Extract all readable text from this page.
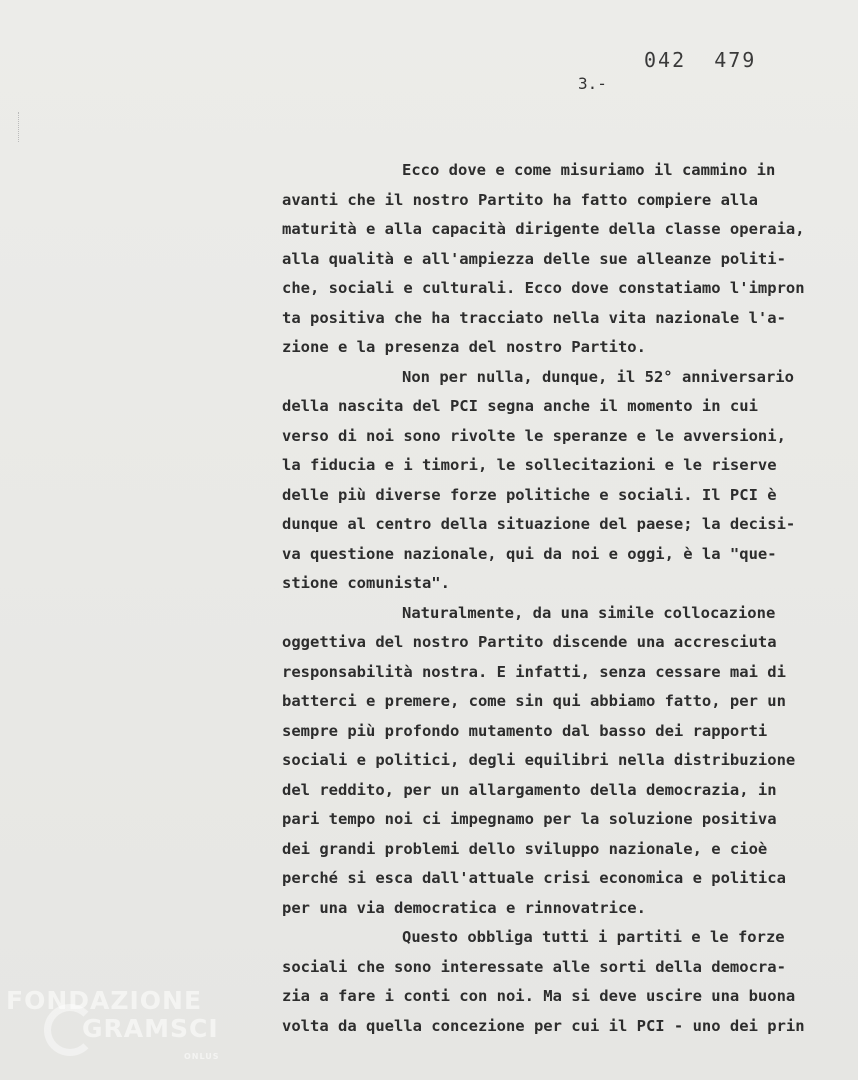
042  479
3.-
Ecco dove e come misuriamo il cammino in
avanti che il nostro Partito ha fatto compiere alla
maturità e alla capacità dirigente della classe operaia,
alla qualità e all'ampiezza delle sue alleanze politi-
che, sociali e culturali. Ecco dove constatiamo l'impron
ta positiva che ha tracciato nella vita nazionale l'a-
zione e la presenza del nostro Partito.
Non per nulla, dunque, il 52° anniversario
della nascita del PCI segna anche il momento in cui
verso di noi sono rivolte le speranze e le avversioni,
la fiducia e i timori, le sollecitazioni e le riserve
delle più diverse forze politiche e sociali. Il PCI è
dunque al centro della situazione del paese; la decisi-
va questione nazionale, qui da noi e oggi, è la "que-
stione comunista".
Naturalmente, da una simile collocazione
oggettiva del nostro Partito discende una accresciuta
responsabilità nostra. E infatti, senza cessare mai di
batterci e premere, come sin qui abbiamo fatto, per un
sempre più profondo mutamento dal basso dei rapporti
sociali e politici, degli equilibri nella distribuzione
del reddito, per un allargamento della democrazia, in
pari tempo noi ci impegnamo per la soluzione positiva
dei grandi problemi dello sviluppo nazionale, e cioè
perché si esca dall'attuale crisi economica e politica
per una via democratica e rinnovatrice.
Questo obbliga tutti i partiti e le forze
sociali che sono interessate alle sorti della democra-
zia a fare i conti con noi. Ma si deve uscire una buona
volta da quella concezione per cui il PCI - uno dei prin
FONDAZIONE
GRAMSCI
ONLUS
